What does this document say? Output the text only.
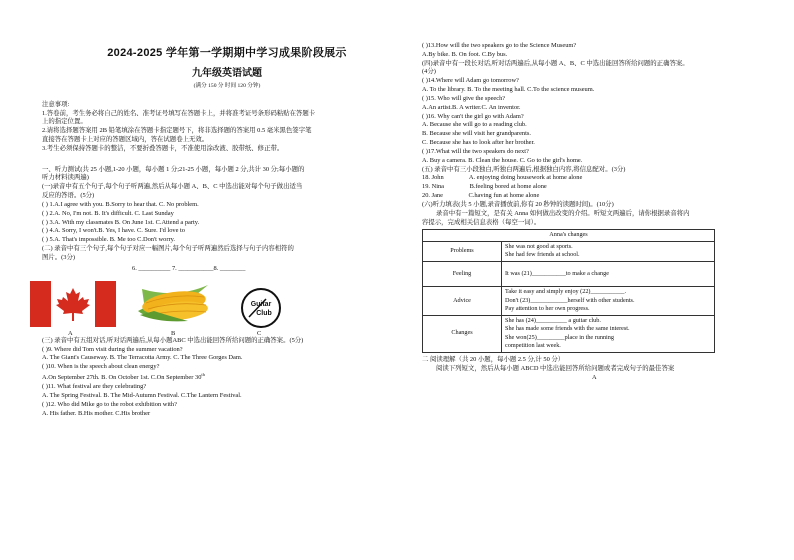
2024-2025 学年第一学期期中学习成果阶段展示
九年级英语试题
(满分 150 分 时间 120 分钟)
注意事项:
1.答卷前，考生务必将自己的姓名、准考证号填写在答题卡上，并将准考证号条形码粘贴在答题卡
上的指定位置。
2.请将选择题答案用 2B 铅笔填涂在答题卡指定题号下，将非选择题的答案用 0.5 毫米黑色签字笔
直接答在答题卡上对应的答题区域内，答在试题卷上无效。
3.考生必须保持答题卡的整洁，不要折叠答题卡，不准使用涂改液、胶带纸、修正带。
一、听力测试(共 25 小题,1-20 小题，每小题 1 分;21-25 小题，每小题 2 分,共计 30 分;每小题的
听力材料读两遍)
(一)录音中有五个句子,每个句子听两遍,然后从每小题 A、B、C 中选出能对每个句子做出适当
反应的答语。(5分)
( ) 1.A.I agree with you. B.Sorry to hear that. C. No problem.
( ) 2.A. No, I'm not. B. It's difficult. C. Last Sunday
( ) 3.A. With my classmates B. On June 1st. C.Attend a party.
( ) 4.A. Sorry, I won't.B. Yes, I have. C. Sure. I'd love to
( ) 5.A. That's impossible. B. Me too C.Don't worry.
(二) 录音中有三个句子,每个句子对应一幅图片,每个句子听两遍然后选择与句子内容相符的
图片。(3分)
6. __________ 7. ___________8. ________
Guitar
Club
A	B	C
(三) 录音中有五组对话,听对话两遍后,从每小题ABC 中选出能回答所给问题的正确答案。(5分)
( )9. Where did Tom visit during the summer vacation?
A. The Giant's Causeway. B. The Terracotta Army. C. The Three Gorges Dam.
( )10. When is the speech about clean energy?
A.On September 27th. B. On October 1st. C.On September 30th
( )11. What festival are they celebrating?
A. The Spring Festival. B. The Mid-Autumn Festival. C.The Lantern Festival.
( )12. Who did Mike go to the robot exhibition with?
A. His father. B.His mother. C.His brother
( )13.How will the two speakers go to the Science Museum?
A.By bike. B. On foot. C.By bus.
(四)录音中有一段长对话,听对话两遍后,从每小题 A、B、C 中选出能回答所给问题的正确答案。
(4分)
( )14.Where will Adam go tomorrow?
A. To the library. B. To the meeting hall. C.To the science museum.
( )15. Who will give the speech?
A.An artist.B. A writer.C. An inventor.
( )16. Why can't the girl go with Adam?
A. Because she will go to a reading club.
B. Because she will visit her grandparents.
C. Because she has to look after her brother.
( )17.What will the two speakers do next?
A. Buy a camera. B. Clean the house. C. Go to the girl's home.
(五) 录音中有三小段独白,听独白两遍后,根据独白内容,将信息配对。(3分)
18. John                A. enjoying doing housework at home alone
19. Nina                B.feeling bored at home alone
20. Jane                C.having fun at home alone
(六)听力填表(共 5 小题,录音播放前,你有 20 秒钟的读题时间)。(10分)
录音中有一篇短文，是有关 Anna 如何做出改变的介绍。听短文两遍后，请你根据录音将内
容提示，完成相关信息表格（每空一词）。
Anna's changes	
Problems	She was not good at sports.
She had few friends at school.

Feeling	It was (21)___________to make a change

Advice	Take it easy and simply enjoy (22)___________.
Don't (23)____________herself with other students.
Pay attention to her own progress.

Changes	She has (24)__________ a guitar club.
She has made some friends with the same interest.
She won(25)_________place in the running
competition last week.
二 阅读理解（共 20 小题，每小题 2.5 分,计 50 分）
阅读下列短文，然后从每小题 ABCD 中选出能回答所给问题或者完成句子的最佳答案
A
